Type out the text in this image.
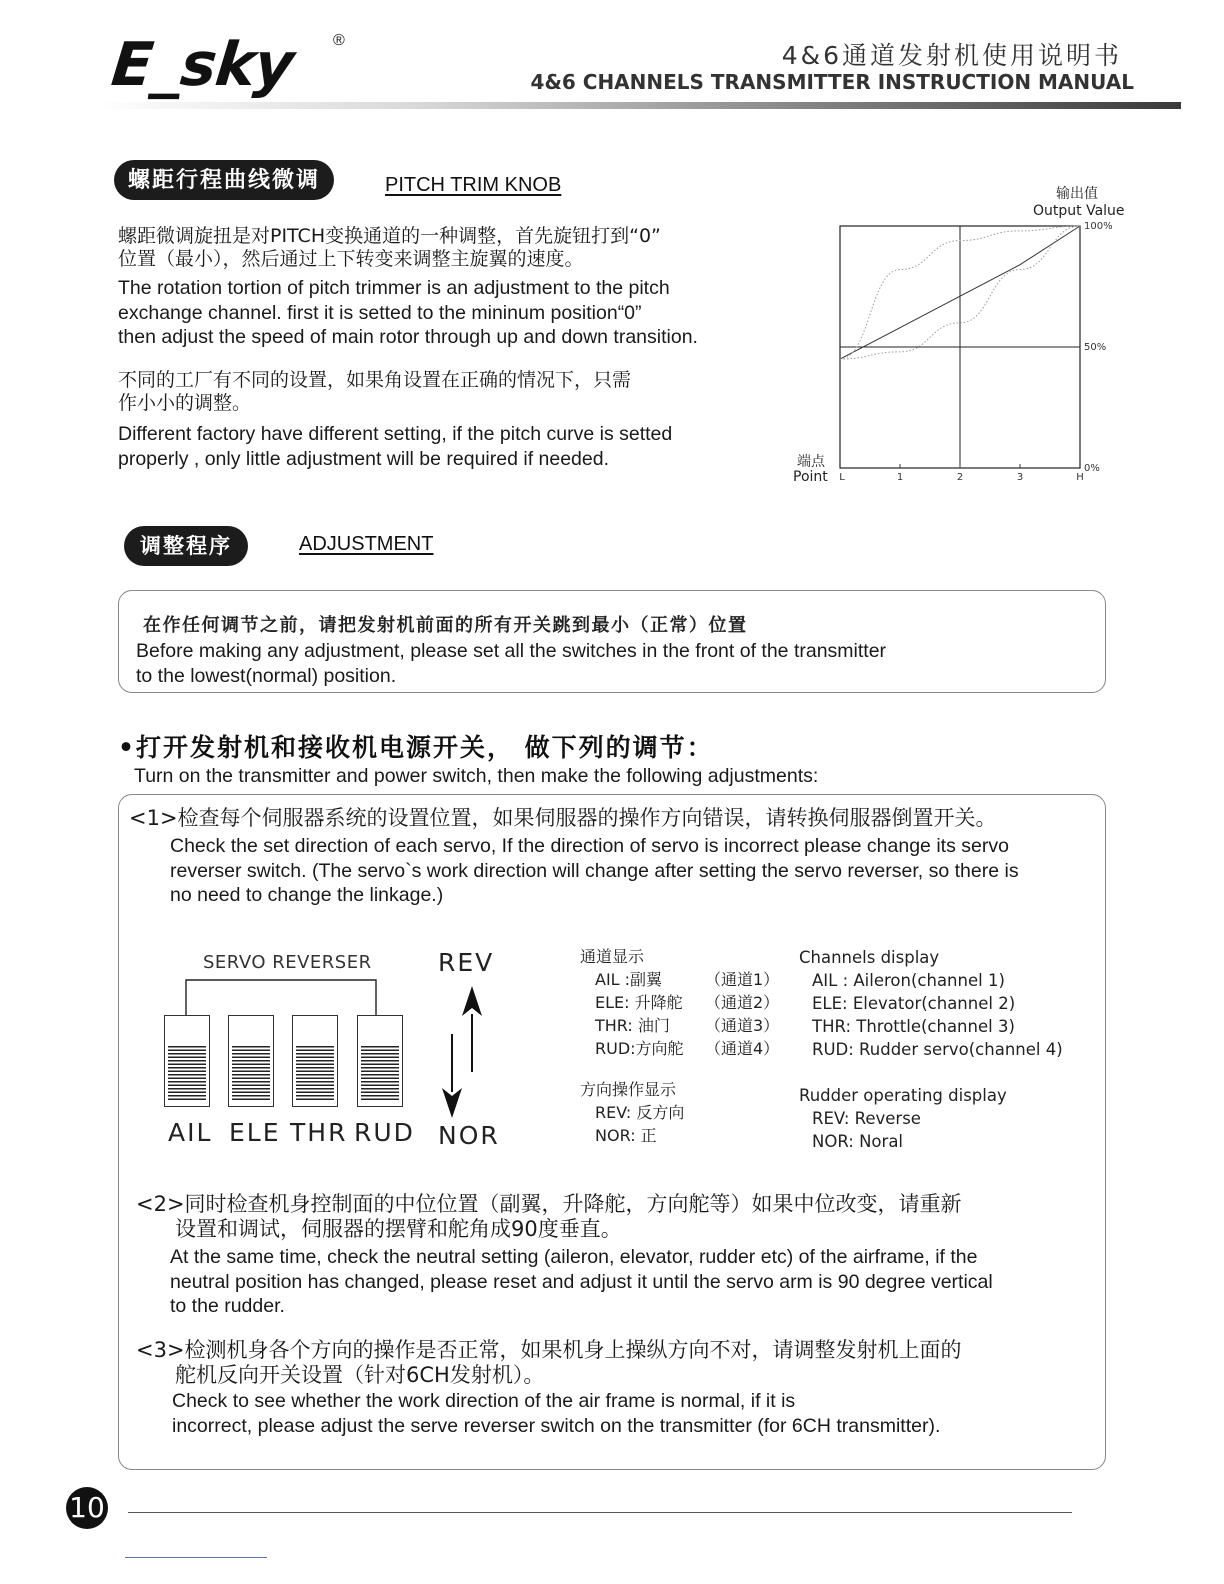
E_sky ®
4&6通道发射机使用说明书
4&6 CHANNELS TRANSMITTER INSTRUCTION MANUAL
螺距行程曲线微调	PITCH TRIM KNOB
螺距微调旋扭是对PITCH变换通道的一种调整，首先旋钮打到“0”
位置（最小），然后通过上下转变来调整主旋翼的速度。
The rotation tortion of pitch trimmer is an adjustment to the pitch
exchange channel. first it is setted to the mininum position“0”
then adjust the speed of main rotor through up and down transition.
不同的工厂有不同的设置，如果角设置在正确的情况下，只需
作小小的调整。
Different factory have different setting, if the pitch curve is setted
properly , only little adjustment will be required if needed.
输出值
Output Value
端点
Point L	1	2	3	H
0%
50%
100%
调整程序	ADJUSTMENT
在作任何调节之前，请把发射机前面的所有开关跳到最小（正常）位置
Before making any adjustment, please set all the switches in the front of the transmitter
to the lowest(normal) position.
•打开发射机和接收机电源开关， 做下列的调节：
Turn on the transmitter and power switch, then make the following adjustments:
<1>检查每个伺服器系统的设置位置，如果伺服器的操作方向错误，请转换伺服器倒置开关。
Check the set direction of each servo, If the direction of servo is incorrect please change its servo
reverser switch. (The servo`s work direction will change after setting the servo reverser, so there is
no need to change the linkage.)
SERVO REVERSER
AIL ELE THR RUD
REV
NOR
通道显示
AIL :副翼	（通道1）
ELE: 升降舵 （通道2）
THR: 油门 （通道3）
RUD:方向舵 （通道4）
方向操作显示
REV: 反方向
NOR: 正
Channels display
AIL : Aileron(channel 1)
ELE: Elevator(channel 2)
THR: Throttle(channel 3)
RUD: Rudder servo(channel 4)
Rudder operating display
REV: Reverse
NOR: Noral
<2>同时检查机身控制面的中位位置（副翼，升降舵，方向舵等）如果中位改变，请重新
设置和调试，伺服器的摆臂和舵角成90度垂直。
At the same time, check the neutral setting (aileron, elevator, rudder etc) of the airframe, if the
neutral position has changed, please reset and adjust it until the servo arm is 90 degree vertical
to the rudder.
<3>检测机身各个方向的操作是否正常，如果机身上操纵方向不对，请调整发射机上面的
舵机反向开关设置（针对6CH发射机）。
Check to see whether the work direction of the air frame is normal, if it is
incorrect, please adjust the serve reverser switch on the transmitter (for 6CH transmitter).
10
